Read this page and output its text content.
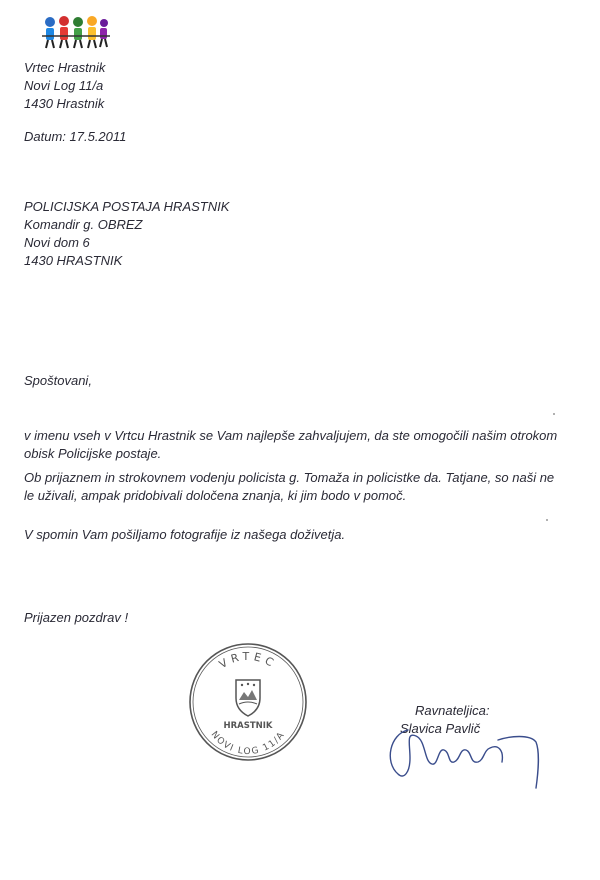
Vrtec Hrastnik
Novi Log 11/a
1430 Hrastnik
Datum: 17.5.2011
POLICIJSKA POSTAJA HRASTNIK
Komandir g. OBREZ
Novi dom 6
1430 HRASTNIK
Spoštovani,
v imenu vseh v Vrtcu Hrastnik se Vam najlepše zahvaljujem, da ste omogočili našim otrokom
obisk Policijske postaje.
Ob prijaznem in strokovnem vodenju policista g. Tomaža in policistke da. Tatjane, so naši ne
le uživali, ampak pridobivali določena znanja, ki jim bodo v pomoč.
V spomin Vam pošiljamo fotografije iz našega doživetja.
Prijazen pozdrav !
VRTEC
NOVI LOG 11/A
HRASTNIK
Ravnateljica:
Slavica Pavlič
